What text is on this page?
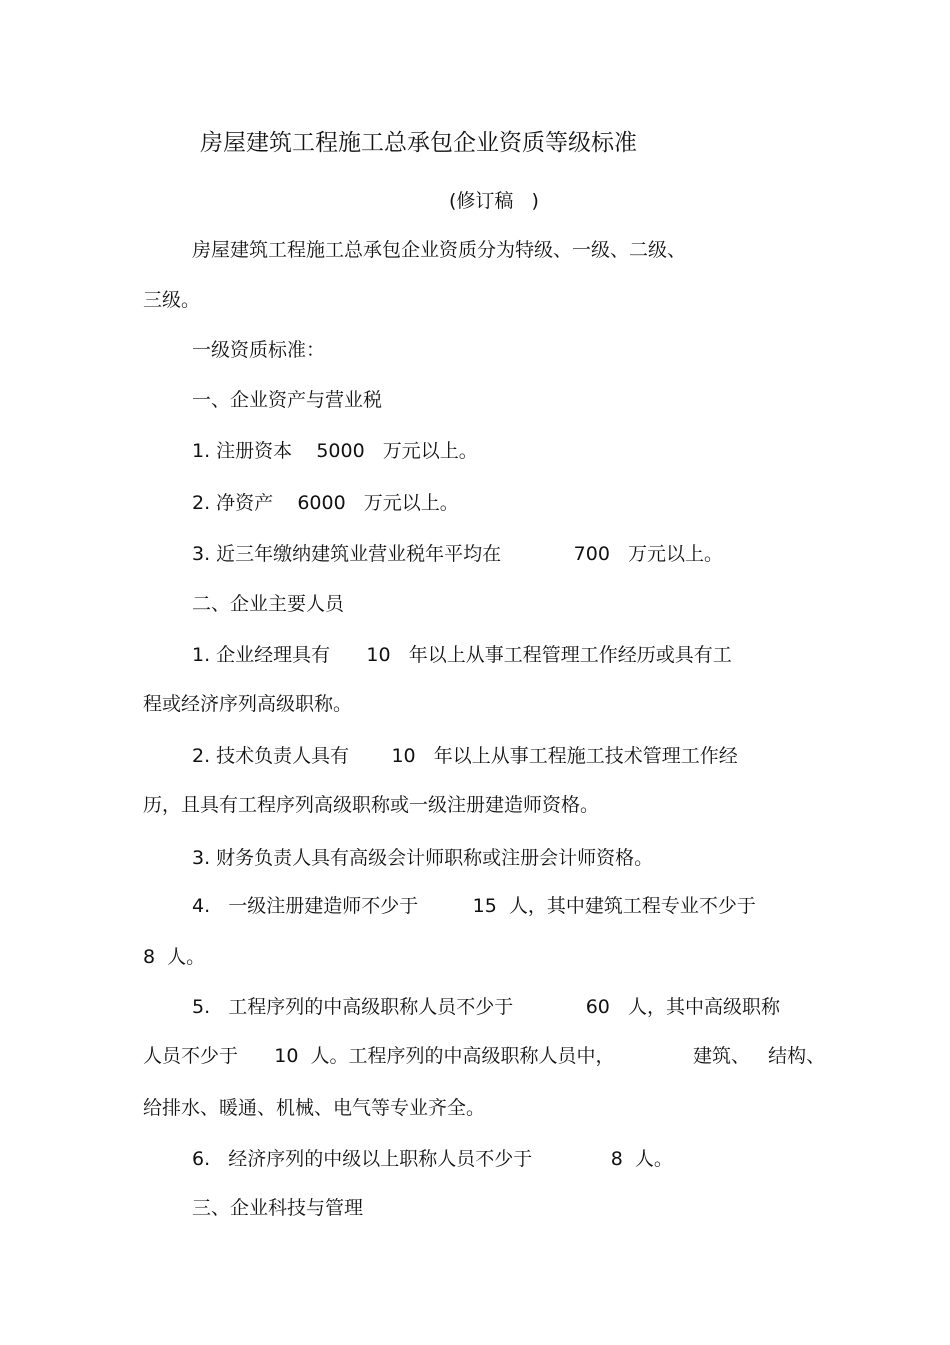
房屋建筑工程施工总承包企业资质等级标准
(修订稿   )
房屋建筑工程施工总承包企业资质分为特级、一级、二级、
三级。
一级资质标准：
一、企业资产与营业税
1. 注册资本    5000   万元以上。
2. 净资产    6000   万元以上。
3. 近三年缴纳建筑业营业税年平均在            700   万元以上。
二、企业主要人员
1. 企业经理具有      10   年以上从事工程管理工作经历或具有工
程或经济序列高级职称。
2. 技术负责人具有       10   年以上从事工程施工技术管理工作经
历，且具有工程序列高级职称或一级注册建造师资格。
3. 财务负责人具有高级会计师职称或注册会计师资格。
4.   一级注册建造师不少于         15  人，其中建筑工程专业不少于
8  人。
5.   工程序列的中高级职称人员不少于            60   人，其中高级职称
人员不少于      10  人。工程序列的中高级职称人员中，             建筑、   结构、
给排水、暖通、机械、电气等专业齐全。
6.   经济序列的中级以上职称人员不少于             8  人。
三、企业科技与管理
